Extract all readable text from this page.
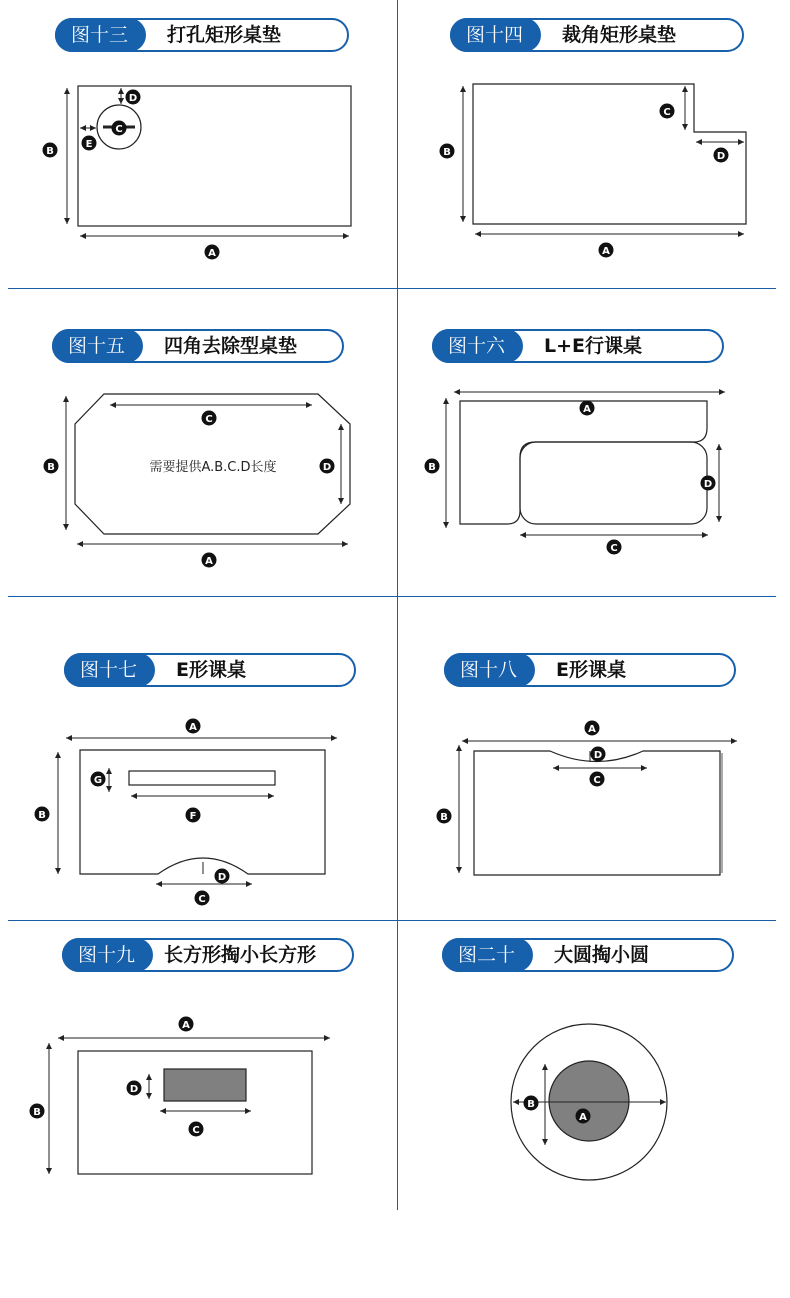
图十三	打孔矩形桌垫	图十四	裁角矩形桌垫
图十五	四角去除型桌垫	图十六	L+E行课桌
图十七	E形课桌	图十八	E形课桌
图十九	长方形掏小长方形	图二十	大圆掏小圆
A
B
C
D
E
A
B
C
D
A
B
C
D
A
B
C
D
A
B
C
D
F
G
A
B
C
D
A
B
C
D
A
B
需要提供A.B.C.D长度
